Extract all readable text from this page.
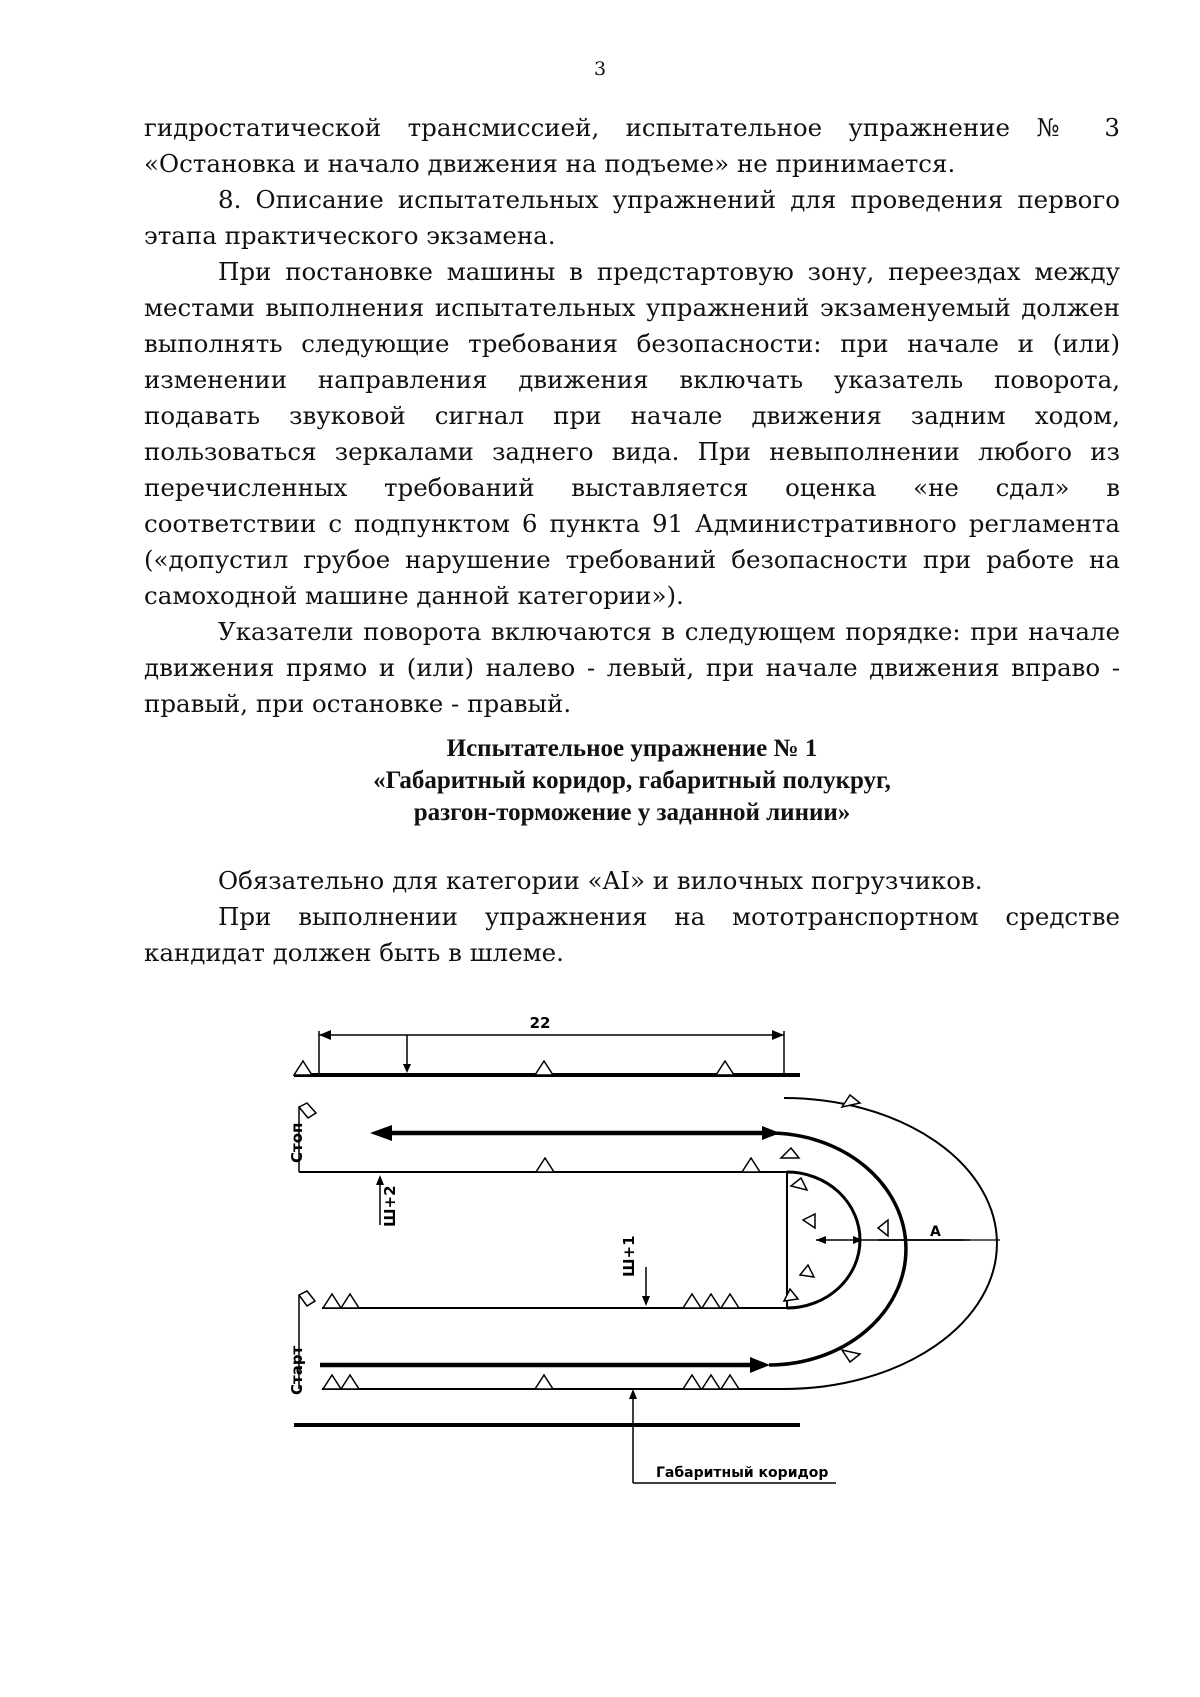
3

гидростатической трансмиссией, испытательное упражнение № 3 «Остановка и начало движения на подъеме» не принимается.

8. Описание испытательных упражнений для проведения первого этапа практического экзамена.

При постановке машины в предстартовую зону, переездах между местами выполнения испытательных упражнений экзаменуемый должен выполнять следующие требования безопасности: при начале и (или) изменении направления движения включать указатель поворота, подавать звуковой сигнал при начале движения задним ходом, пользоваться зеркалами заднего вида. При невыполнении любого из перечисленных требований выставляется оценка «не сдал» в соответствии с подпунктом 6 пункта 91 Административного регламента («допустил грубое нарушение требований безопасности при работе на самоходной машине данной категории»).

Указатели поворота включаются в следующем порядке: при начале движения прямо и (или) налево - левый, при начале движения вправо - правый, при остановке - правый.

Испытательное упражнение № 1
«Габаритный коридор, габаритный полукруг,
разгон-торможение у заданной линии»

Обязательно для категории «AI» и вилочных погрузчиков.

При выполнении упражнения на мототранспортном средстве кандидат должен быть в шлеме.

22
Стоп
Старт
Ш+2
Ш+1
А
Габаритный коридор
